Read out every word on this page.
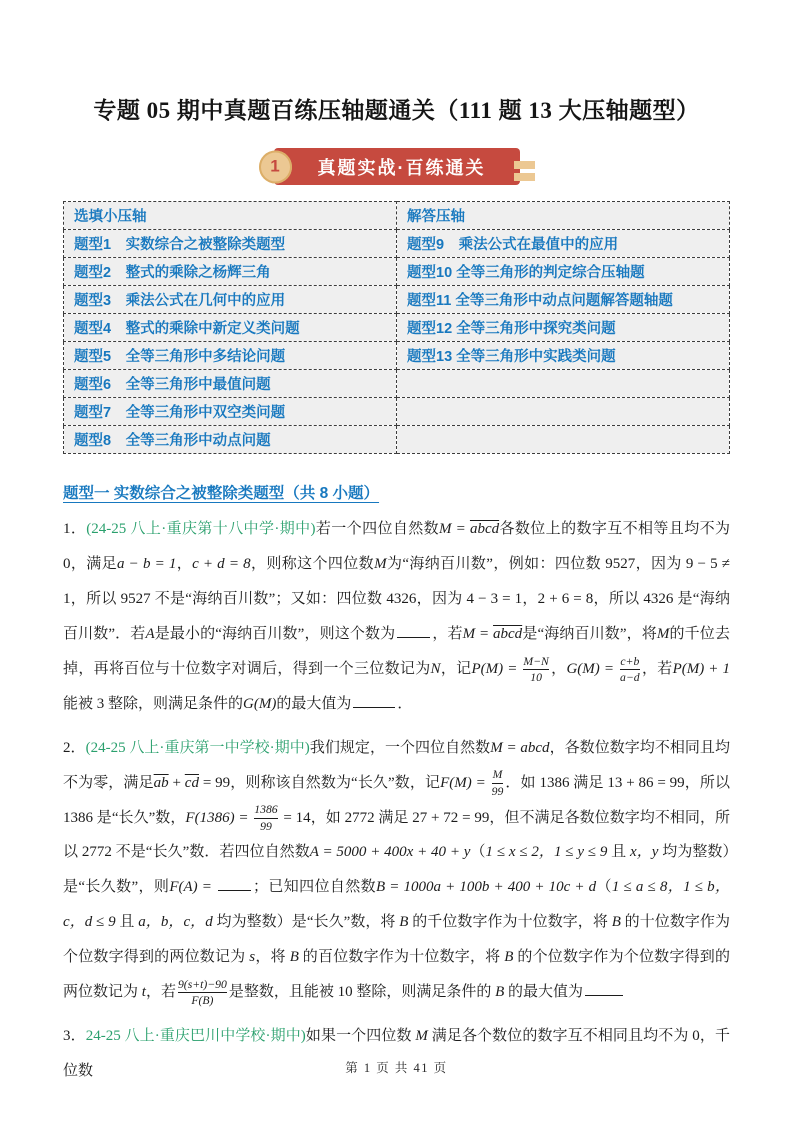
专题 05 期中真题百练压轴题通关（111 题 13 大压轴题型）
1	真题实战·百练通关
选填小压轴	解答压轴
题型1　实数综合之被整除类题型	题型9　乘法公式在最值中的应用
题型2　整式的乘除之杨辉三角	题型10 全等三角形的判定综合压轴题
题型3　乘法公式在几何中的应用	题型11 全等三角形中动点问题解答题轴题
题型4　整式的乘除中新定义类问题	题型12 全等三角形中探究类问题
题型5　全等三角形中多结论问题	题型13 全等三角形中实践类问题
题型6　全等三角形中最值问题	
题型7　全等三角形中双空类问题	
题型8　全等三角形中动点问题	
题型一 实数综合之被整除类题型（共 8 小题）

1．(24-25 八上·重庆第十八中学·期中)若一个四位自然数M = abcd各数位上的数字互不相等且均不为 0，满足a − b = 1，c + d = 8，则称这个四位数M为“海纳百川数”，例如：四位数 9527，因为 9 − 5 ≠ 1，所以 9527 不是“海纳百川数”；又如：四位数 4326，因为 4 − 3 = 1，2 + 6 = 8，所以 4326 是“海纳百川数”．若A是最小的“海纳百川数”，则这个数为 ，若M = abcd是“海纳百川数”，将M的千位去掉，再将百位与十位数字对调后，得到一个三位数记为N，记$P(M) = \frac{M-N}{10}$ ，$G(M) = \frac{c+b}{a-d}$ ，若P(M) + 1 能被 3 整除，则满足条件的G(M)的最大值为	．

2．(24-25 八上·重庆第一中学校·期中)我们规定，一个四位自然数M = abcd，各数位数字均不相同且均不为零，满足$\overline{ab} + \overline{cd} = 99$，则称该自然数为“长久”数，记$F(M) = \frac{M}{99}$ ．如 1386 满足 13 + 86 = 99，所以 1386 是“长久”数，$F(1386) = \frac{1386}{99} = 14$，如 2772 满足 27 + 72 = 99，但不满足各数位数字均不相同，所以 2772 不是“长久”数．若四位自然数A = 5000 + 400x + 40 + y（1 ≤ x ≤ 2，1 ≤ y ≤ 9 且 x，y 均为整数）是“长久数”，则F(A) = ；已知四位自然数B = 1000a + 100b + 400 + 10c + d（1 ≤ a ≤ 8，1 ≤ b，c，d ≤ 9 且 a，b，c，d 均为整数）是“长久”数，将 B 的千位数字作为十位数字，将 B 的十位数字作为个位数字得到的两位数记为 s，将 B 的百位数字作为十位数字，将 B 的个位数字作为个位数字得到的两位数记为 t，若 $\frac{9(s+t)-90}{F(B)}$ 是整数，且能被 10 整除，则满足条件的 B 的最大值为

3．24-25 八上·重庆巴川中学校·期中)如果一个四位数 M 满足各个数位的数字互不相同且均不为 0，千位数	第 1 页 共 41 页
